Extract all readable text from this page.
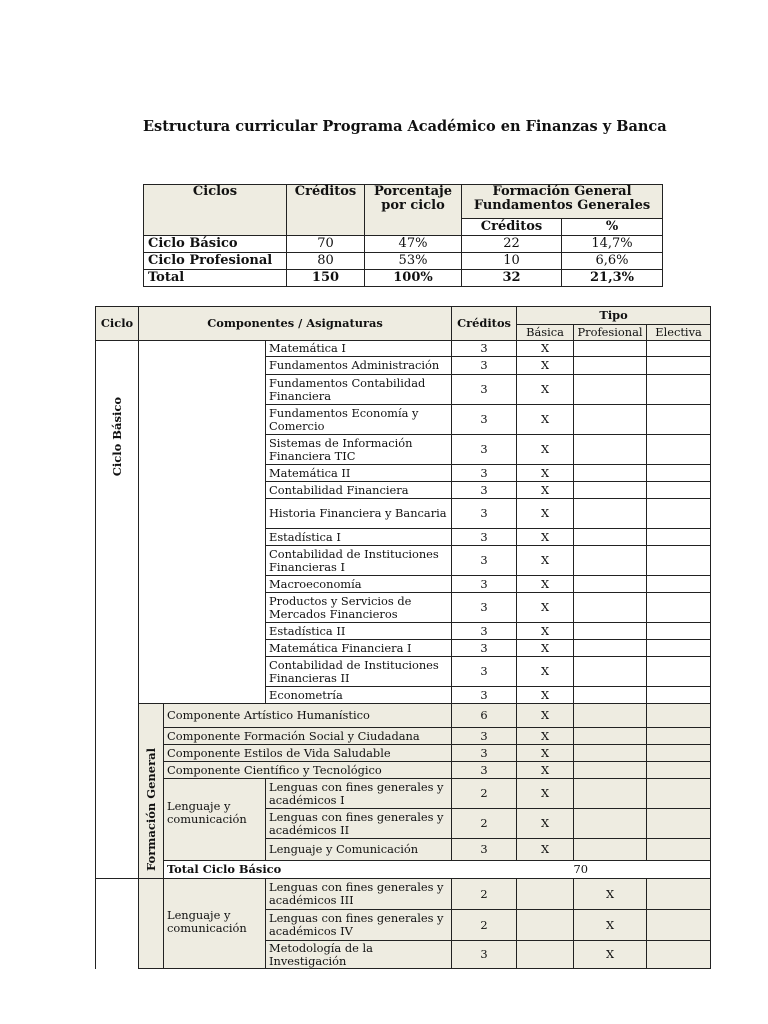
Estructura curricular Programa Académico en Finanzas y Banca
Ciclos	Créditos	Porcentaje por ciclo	Formación General Fundamentos Generales	
			Créditos	%
Ciclo Básico	70	47%	22	14,7%
Ciclo Profesional	80	53%	10	6,6%
Total	150	100%	32	21,3%
Ciclo	Componentes / Asignaturas			Créditos	Tipo		
					Básica	Profesional	Electiva
Ciclo Básico			Matemática I	3	X		
			Fundamentos Administración	3	X		
			Fundamentos Contabilidad Financiera	3	X		
			Fundamentos Economía y Comercio	3	X		
			Sistemas de Información Financiera TIC	3	X		
			Matemática II	3	X		
			Contabilidad Financiera	3	X		
			Historia Financiera y Bancaria	3	X		
			Estadística I	3	X		
			Contabilidad de Instituciones Financieras I	3	X		
			Macroeconomía	3	X		
			Productos y Servicios de Mercados Financieros	3	X		
			Estadística II	3	X		
			Matemática Financiera I	3	X		
			Contabilidad de Instituciones Financieras II	3	X		
			Econometría	3	X		
	Formación General	Componente Artístico Humanístico		6	X		
		Componente Formación Social y Ciudadana		3	X		
		Componente Estilos de Vida Saludable		3	X		
		Componente Científico y Tecnológico		3	X		
		Lenguaje y comunicación	Lenguas con fines generales y académicos I	2	X		
			Lenguas con fines generales y académicos II	2	X		
			Lenguaje y Comunicación	3	X		
		Total Ciclo Básico		70			
		Lenguaje y comunicación	Lenguas con fines generales y académicos III	2		X	
			Lenguas con fines generales y académicos IV	2		X	
			Metodología de la Investigación	3		X	
